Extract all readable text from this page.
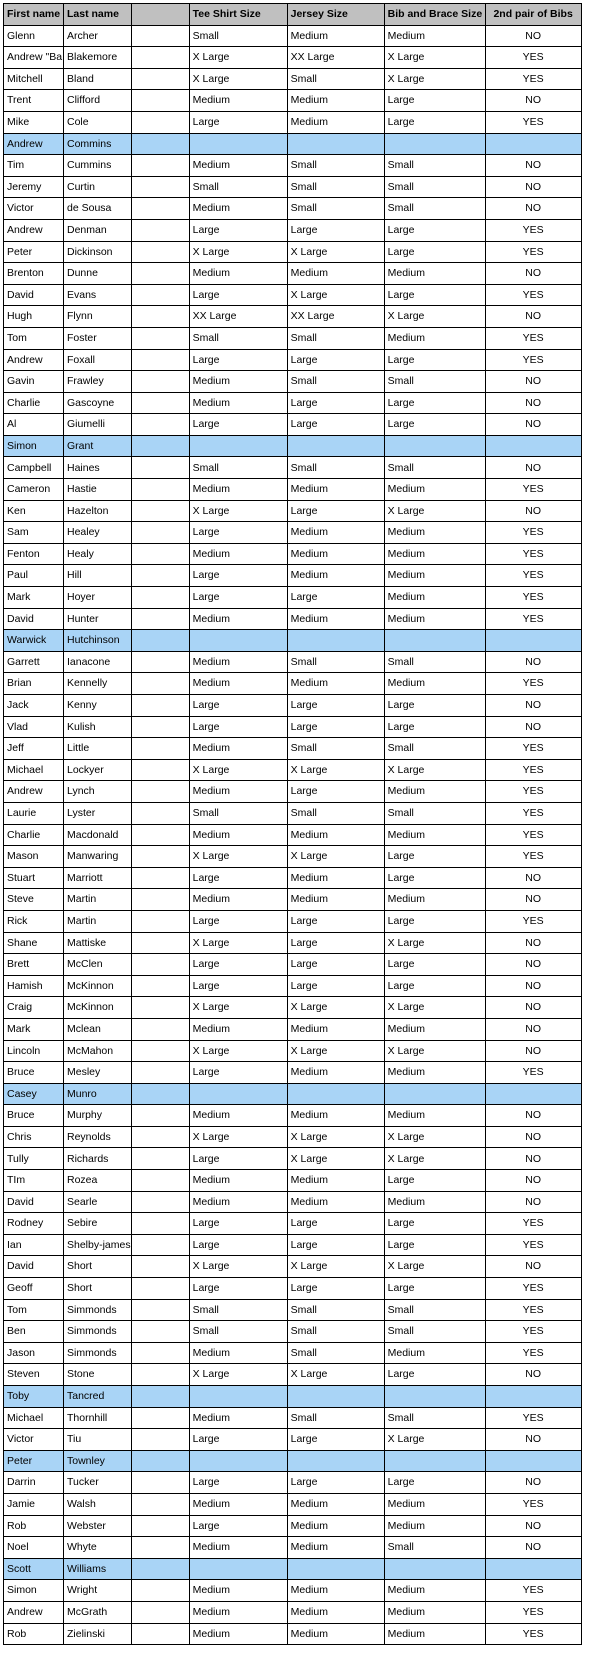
First name	Last name		Tee Shirt Size	Jersey Size	Bib and Brace Size	2nd pair of Bibs
Glenn	Archer		Small	Medium	Medium	NO
Andrew "Ba	Blakemore		X Large	XX Large	X Large	YES
Mitchell	Bland		X Large	Small	X Large	YES
Trent	Clifford		Medium	Medium	Large	NO
Mike	Cole		Large	Medium	Large	YES
Andrew	Commins					
Tim	Cummins		Medium	Small	Small	NO
Jeremy	Curtin		Small	Small	Small	NO
Victor	de Sousa		Medium	Small	Small	NO
Andrew	Denman		Large	Large	Large	YES
Peter	Dickinson		X Large	X Large	Large	YES
Brenton	Dunne		Medium	Medium	Medium	NO
David	Evans		Large	X Large	Large	YES
Hugh	Flynn		XX Large	XX Large	X Large	NO
Tom	Foster		Small	Small	Medium	YES
Andrew	Foxall		Large	Large	Large	YES
Gavin	Frawley		Medium	Small	Small	NO
Charlie	Gascoyne		Medium	Large	Large	NO
Al	Giumelli		Large	Large	Large	NO
Simon	Grant					
Campbell	Haines		Small	Small	Small	NO
Cameron	Hastie		Medium	Medium	Medium	YES
Ken	Hazelton		X Large	Large	X Large	NO
Sam	Healey		Large	Medium	Medium	YES
Fenton	Healy		Medium	Medium	Medium	YES
Paul	Hill		Large	Medium	Medium	YES
Mark	Hoyer		Large	Large	Medium	YES
David	Hunter		Medium	Medium	Medium	YES
Warwick	Hutchinson					
Garrett	Ianacone		Medium	Small	Small	NO
Brian	Kennelly		Medium	Medium	Medium	YES
Jack	Kenny		Large	Large	Large	NO
Vlad	Kulish		Large	Large	Large	NO
Jeff	Little		Medium	Small	Small	YES
Michael	Lockyer		X Large	X Large	X Large	YES
Andrew	Lynch		Medium	Large	Medium	YES
Laurie	Lyster		Small	Small	Small	YES
Charlie	Macdonald		Medium	Medium	Medium	YES
Mason	Manwaring		X Large	X Large	Large	YES
Stuart	Marriott		Large	Medium	Large	NO
Steve	Martin		Medium	Medium	Medium	NO
Rick	Martin		Large	Large	Large	YES
Shane	Mattiske		X Large	Large	X Large	NO
Brett	McClen		Large	Large	Large	NO
Hamish	McKinnon		Large	Large	Large	NO
Craig	McKinnon		X Large	X Large	X Large	NO
Mark	Mclean		Medium	Medium	Medium	NO
Lincoln	McMahon		X Large	X Large	X Large	NO
Bruce	Mesley		Large	Medium	Medium	YES
Casey	Munro					
Bruce	Murphy		Medium	Medium	Medium	NO
Chris	Reynolds		X Large	X Large	X Large	NO
Tully	Richards		Large	X Large	X Large	NO
TIm	Rozea		Medium	Medium	Large	NO
David	Searle		Medium	Medium	Medium	NO
Rodney	Sebire		Large	Large	Large	YES
Ian	Shelby-james		Large	Large	Large	YES
David	Short		X Large	X Large	X Large	NO
Geoff	Short		Large	Large	Large	YES
Tom	Simmonds		Small	Small	Small	YES
Ben	Simmonds		Small	Small	Small	YES
Jason	Simmonds		Medium	Small	Medium	YES
Steven	Stone		X Large	X Large	Large	NO
Toby	Tancred					
Michael	Thornhill		Medium	Small	Small	YES
Victor	Tiu		Large	Large	X Large	NO
Peter	Townley					
Darrin	Tucker		Large	Large	Large	NO
Jamie	Walsh		Medium	Medium	Medium	YES
Rob	Webster		Large	Medium	Medium	NO
Noel	Whyte		Medium	Medium	Small	NO
Scott	Williams					
Simon	Wright		Medium	Medium	Medium	YES
Andrew	McGrath		Medium	Medium	Medium	YES
Rob	Zielinski		Medium	Medium	Medium	YES
